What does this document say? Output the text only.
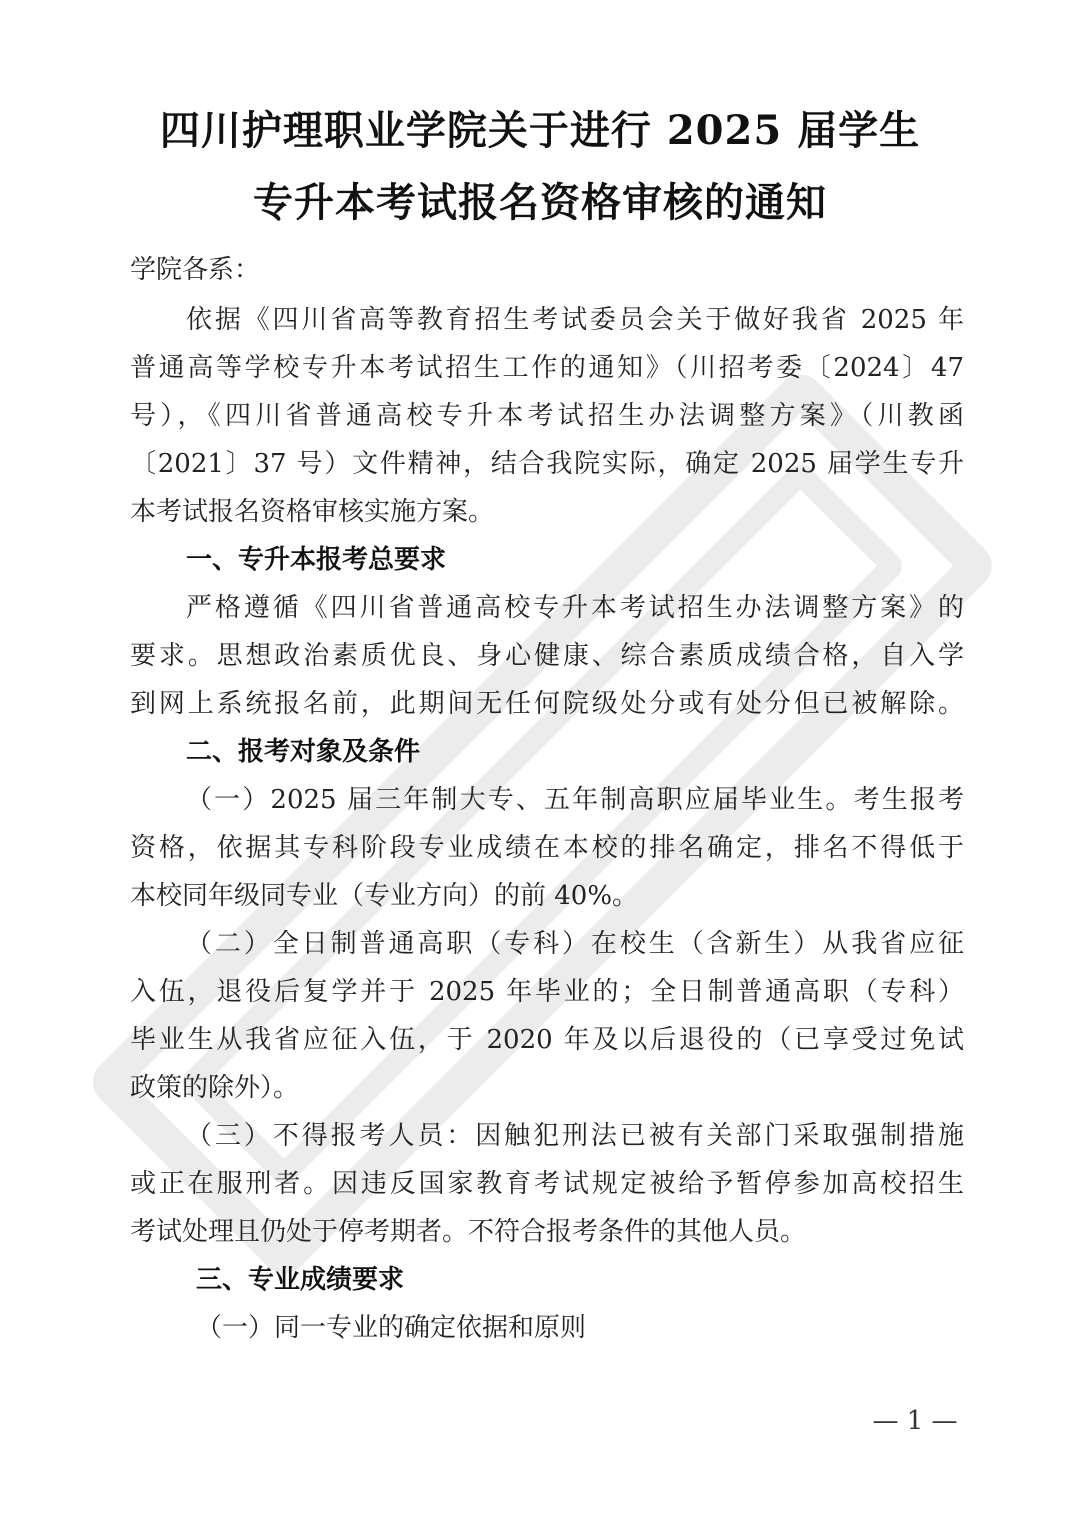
四川护理职业学院关于进行 2025 届学生
专升本考试报名资格审核的通知
学院各系：
依据《四川省高等教育招生考试委员会关于做好我省 2025 年
普通高等学校专升本考试招生工作的通知》（川招考委〔2024〕47
号），《四川省普通高校专升本考试招生办法调整方案》（川教函
〔2021〕37 号）文件精神，结合我院实际，确定 2025 届学生专升
本考试报名资格审核实施方案。
一、专升本报考总要求
严格遵循《四川省普通高校专升本考试招生办法调整方案》的
要求。思想政治素质优良、身心健康、综合素质成绩合格，自入学
到网上系统报名前，此期间无任何院级处分或有处分但已被解除。
二、报考对象及条件
（一）2025 届三年制大专、五年制高职应届毕业生。考生报考
资格，依据其专科阶段专业成绩在本校的排名确定，排名不得低于
本校同年级同专业（专业方向）的前 40%。
（二）全日制普通高职（专科）在校生（含新生）从我省应征
入伍，退役后复学并于 2025 年毕业的；全日制普通高职（专科）
毕业生从我省应征入伍，于 2020 年及以后退役的（已享受过免试
政策的除外）。
（三）不得报考人员：因触犯刑法已被有关部门采取强制措施
或正在服刑者。因违反国家教育考试规定被给予暂停参加高校招生
考试处理且仍处于停考期者。不符合报考条件的其他人员。
三、专业成绩要求
（一）同一专业的确定依据和原则
— 1 —
